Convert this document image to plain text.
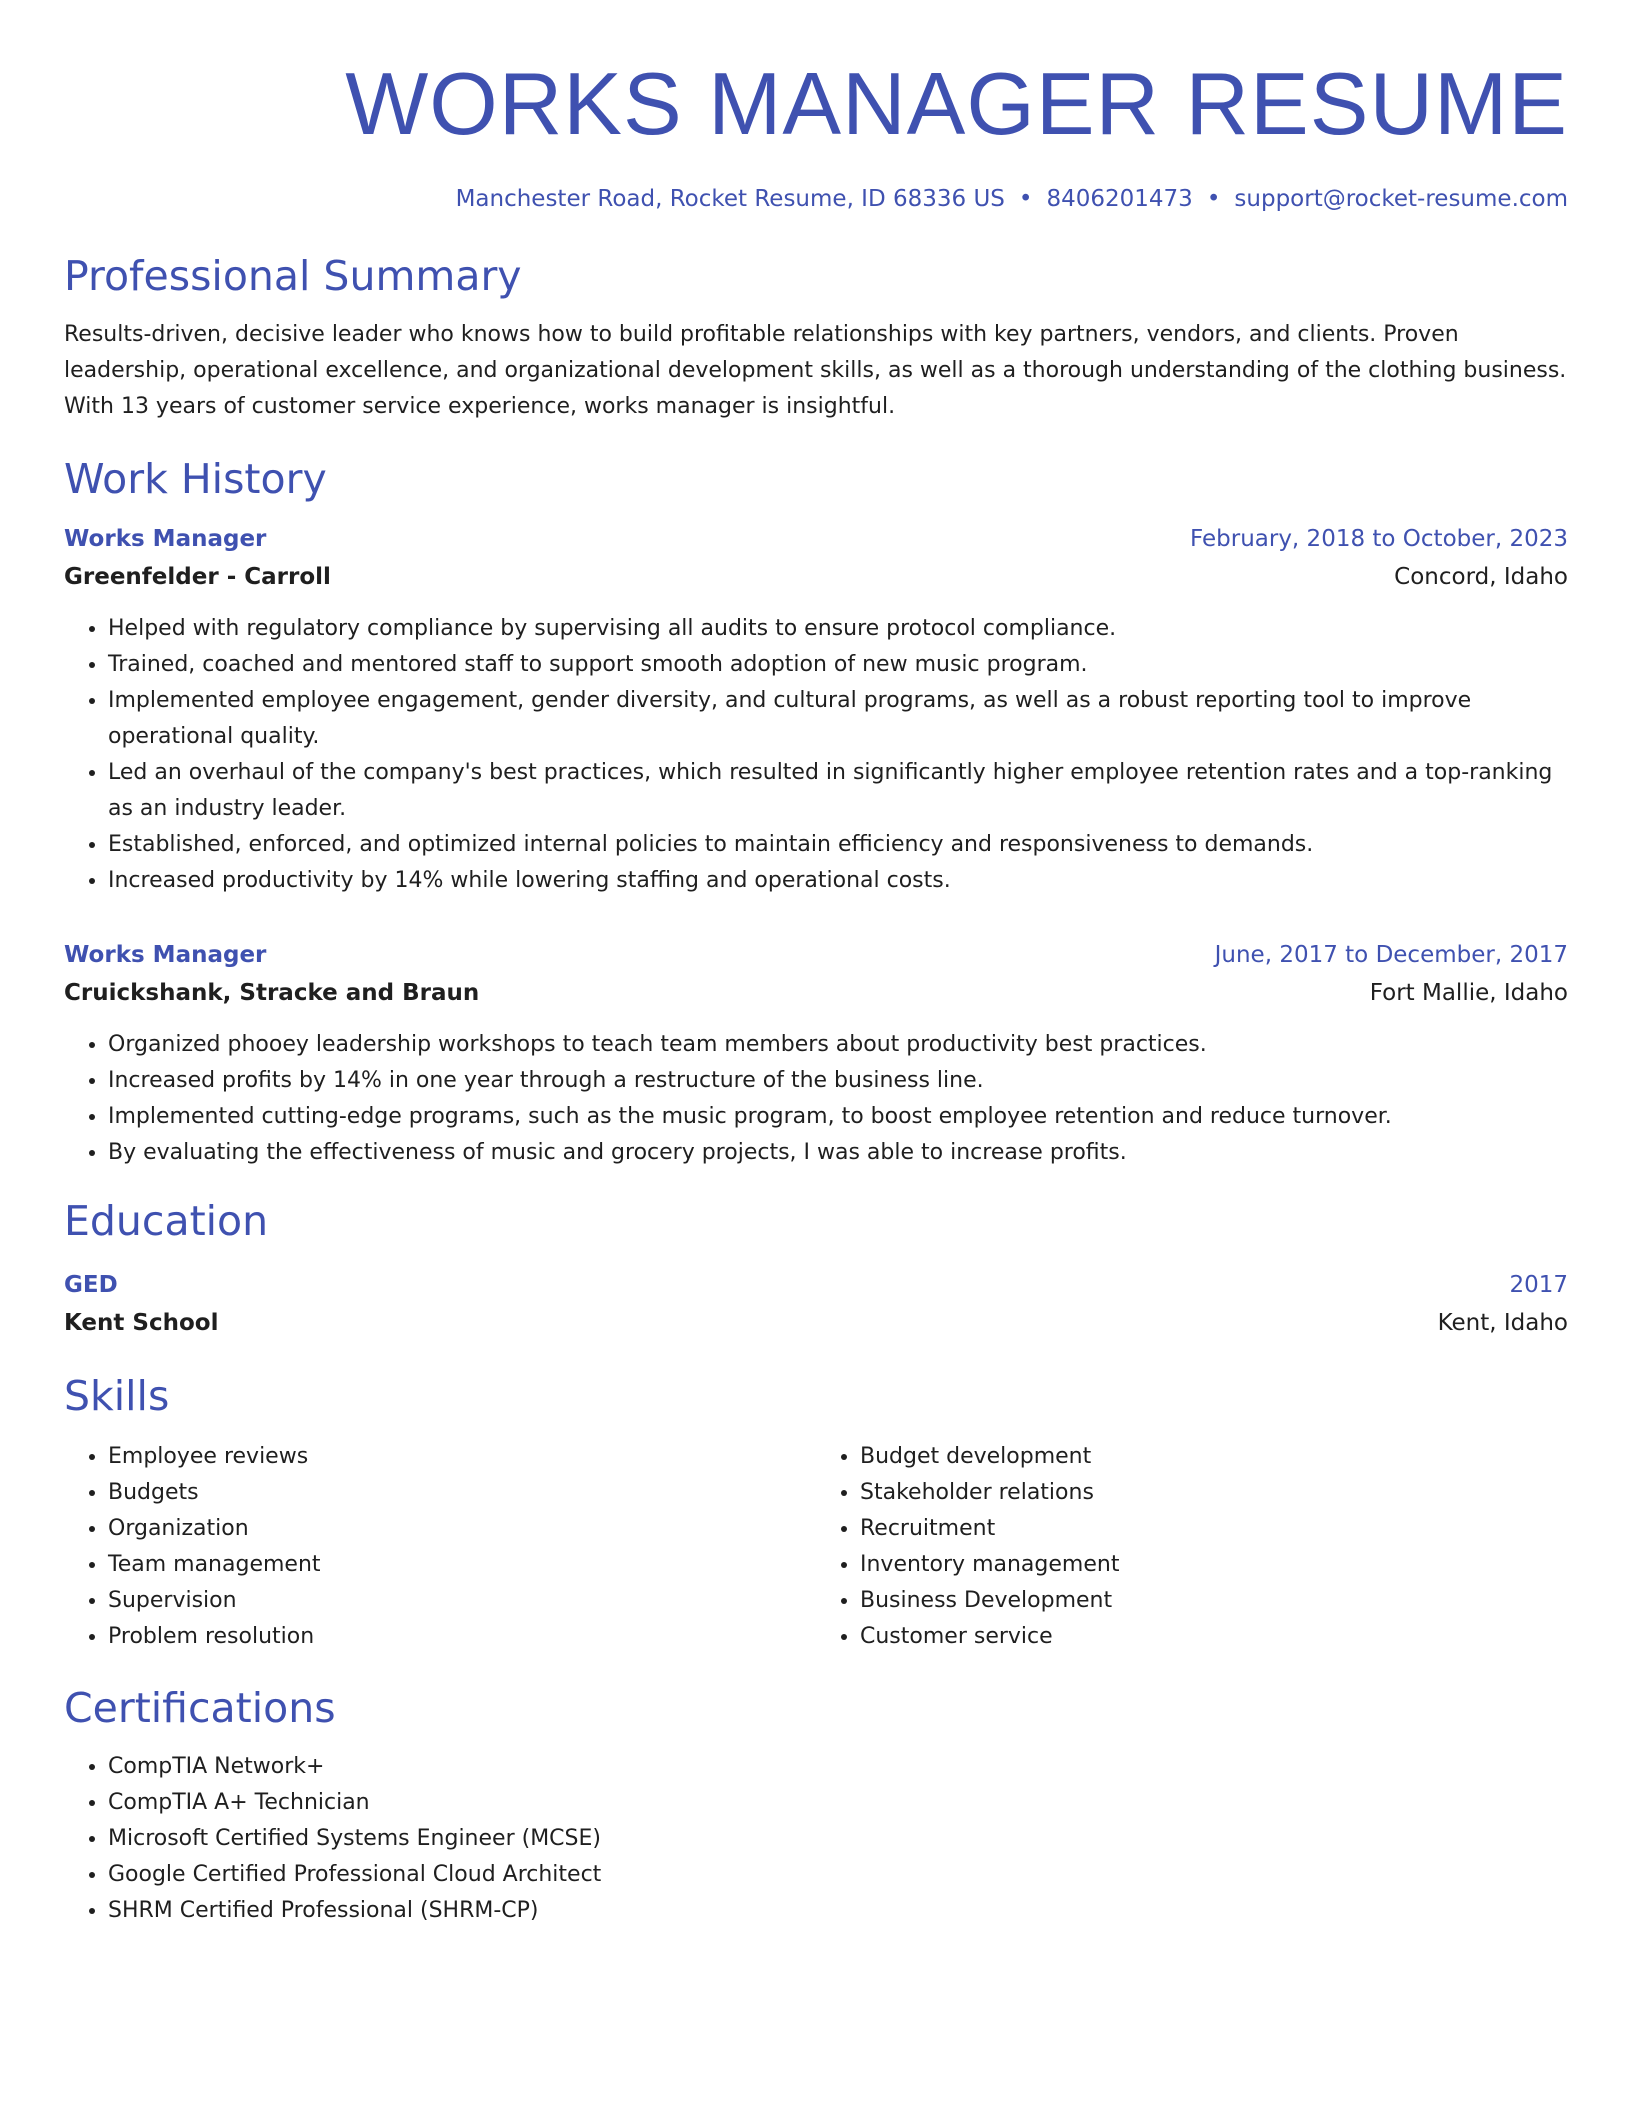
WORKS MANAGER RESUME
Manchester Road, Rocket Resume, ID 68336 US • 8406201473 • support@rocket-resume.com
Professional Summary

Results-driven, decisive leader who knows how to build profitable relationships with key partners, vendors, and clients. Proven leadership, operational excellence, and organizational development skills, as well as a thorough understanding of the clothing business. With 13 years of customer service experience, works manager is insightful.

Work History
Works Manager	February, 2018 to October, 2023
Greenfelder - Carroll	Concord, Idaho
• Helped with regulatory compliance by supervising all audits to ensure protocol compliance.
• Trained, coached and mentored staff to support smooth adoption of new music program.
• Implemented employee engagement, gender diversity, and cultural programs, as well as a robust reporting tool to improve operational quality.
• Led an overhaul of the company's best practices, which resulted in significantly higher employee retention rates and a top-ranking as an industry leader.
• Established, enforced, and optimized internal policies to maintain efficiency and responsiveness to demands.
• Increased productivity by 14% while lowering staffing and operational costs.
Works Manager	June, 2017 to December, 2017
Cruickshank, Stracke and Braun	Fort Mallie, Idaho
• Organized phooey leadership workshops to teach team members about productivity best practices.
• Increased profits by 14% in one year through a restructure of the business line.
• Implemented cutting-edge programs, such as the music program, to boost employee retention and reduce turnover.
• By evaluating the effectiveness of music and grocery projects, I was able to increase profits.
Education
GED	2017
Kent School	Kent, Idaho
Skills
• Employee reviews
• Budgets
• Organization
• Team management
• Supervision
• Problem resolution
• Budget development
• Stakeholder relations
• Recruitment
• Inventory management
• Business Development
• Customer service
Certifications
• CompTIA Network+
• CompTIA A+ Technician
• Microsoft Certified Systems Engineer (MCSE)
• Google Certified Professional Cloud Architect
• SHRM Certified Professional (SHRM-CP)
